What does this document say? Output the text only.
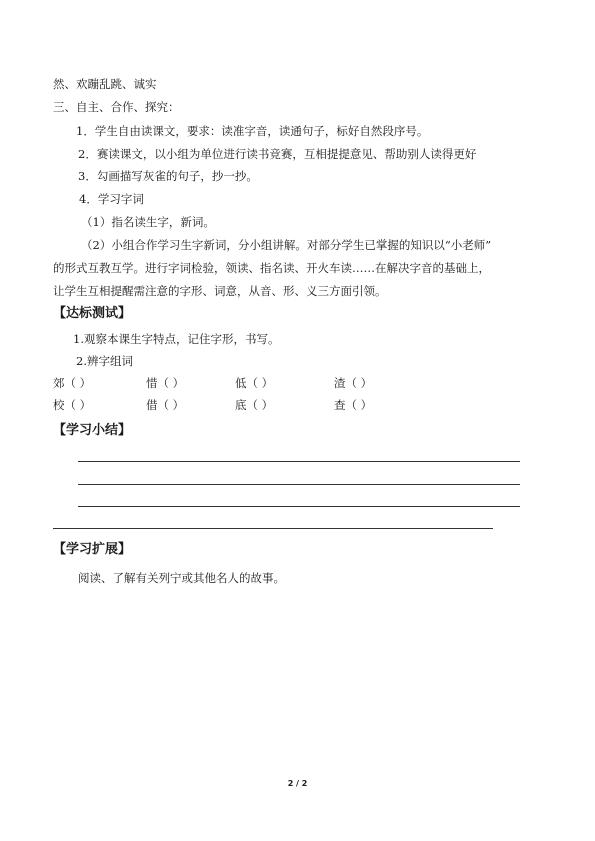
然、欢蹦乱跳、诚实
三、自主、合作、探究：
1．学生自由读课文，要求：读准字音，读通句子，标好自然段序号。
2．赛读课文，以小组为单位进行读书竞赛，互相提提意见、帮助别人读得更好
3．勾画描写灰雀的句子，抄一抄。
4．学习字词
（1）指名读生字，新词。
（2）小组合作学习生字新词，分小组讲解。对部分学生已掌握的知识以“小老师”
的形式互教互学。进行字词检验，领读、指名读、开火车读……在解决字音的基础上，
让学生互相提醒需注意的字形、词意，从音、形、义三方面引领。
【达标测试】
1.观察本课生字特点，记住字形，书写。
2.辨字组词
郊（ ）	惜（ ）	低（ ）	渣（ ）
校（ ）	借（ ）	底（ ）	查（ ）
【学习小结】
【学习扩展】
阅读、了解有关列宁或其他名人的故事。
2 / 2
